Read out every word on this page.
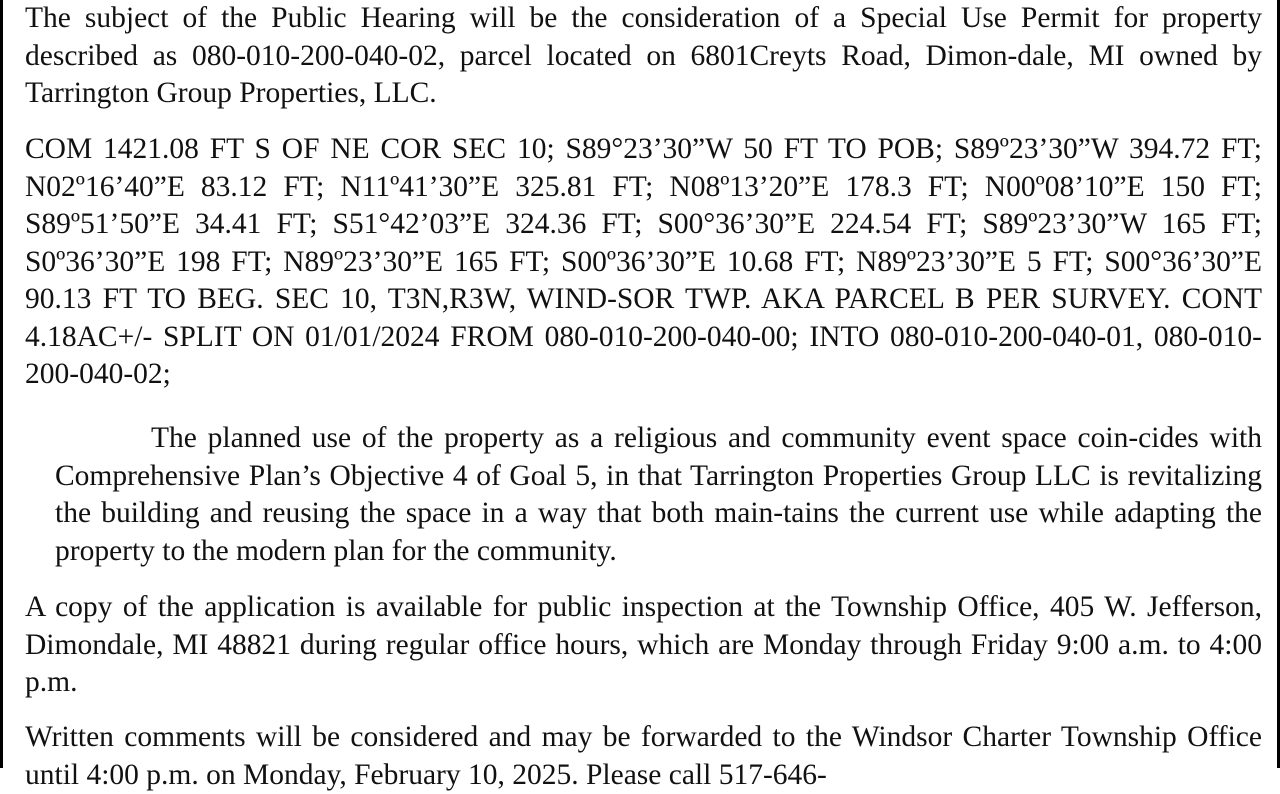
The subject of the Public Hearing will be the consideration of a Special Use Permit for property described as 080-010-200-040-02, parcel located on 6801Creyts Road, Dimon-dale, MI owned by Tarrington Group Properties, LLC.

COM 1421.08 FT S OF NE COR SEC 10; S89°23’30”W 50 FT TO POB; S89º23’30”W 394.72 FT; N02º16’40”E 83.12 FT; N11º41’30”E 325.81 FT; N08º13’20”E 178.3 FT; N00º08’10”E 150 FT; S89º51’50”E 34.41 FT; S51°42’03”E 324.36 FT; S00°36’30”E 224.54 FT; S89º23’30”W 165 FT; S0º36’30”E 198 FT; N89º23’30”E 165 FT; S00º36’30”E 10.68 FT; N89º23’30”E 5 FT; S00°36’30”E 90.13 FT TO BEG. SEC 10, T3N,R3W, WIND-SOR TWP. AKA PARCEL B PER SURVEY. CONT 4.18AC+/- SPLIT ON 01/01/2024 FROM 080-010-200-040-00; INTO 080-010-200-040-01, 080-010-200-040-02;

The planned use of the property as a religious and community event space coin-cides with Comprehensive Plan’s Objective 4 of Goal 5, in that Tarrington Properties Group LLC is revitalizing the building and reusing the space in a way that both main-tains the current use while adapting the property to the modern plan for the community.

A copy of the application is available for public inspection at the Township Office, 405 W. Jefferson, Dimondale, MI 48821 during regular office hours, which are Monday through Friday 9:00 a.m. to 4:00 p.m.

Written comments will be considered and may be forwarded to the Windsor Charter Township Office until 4:00 p.m. on Monday, February 10, 2025. Please call 517-646-
